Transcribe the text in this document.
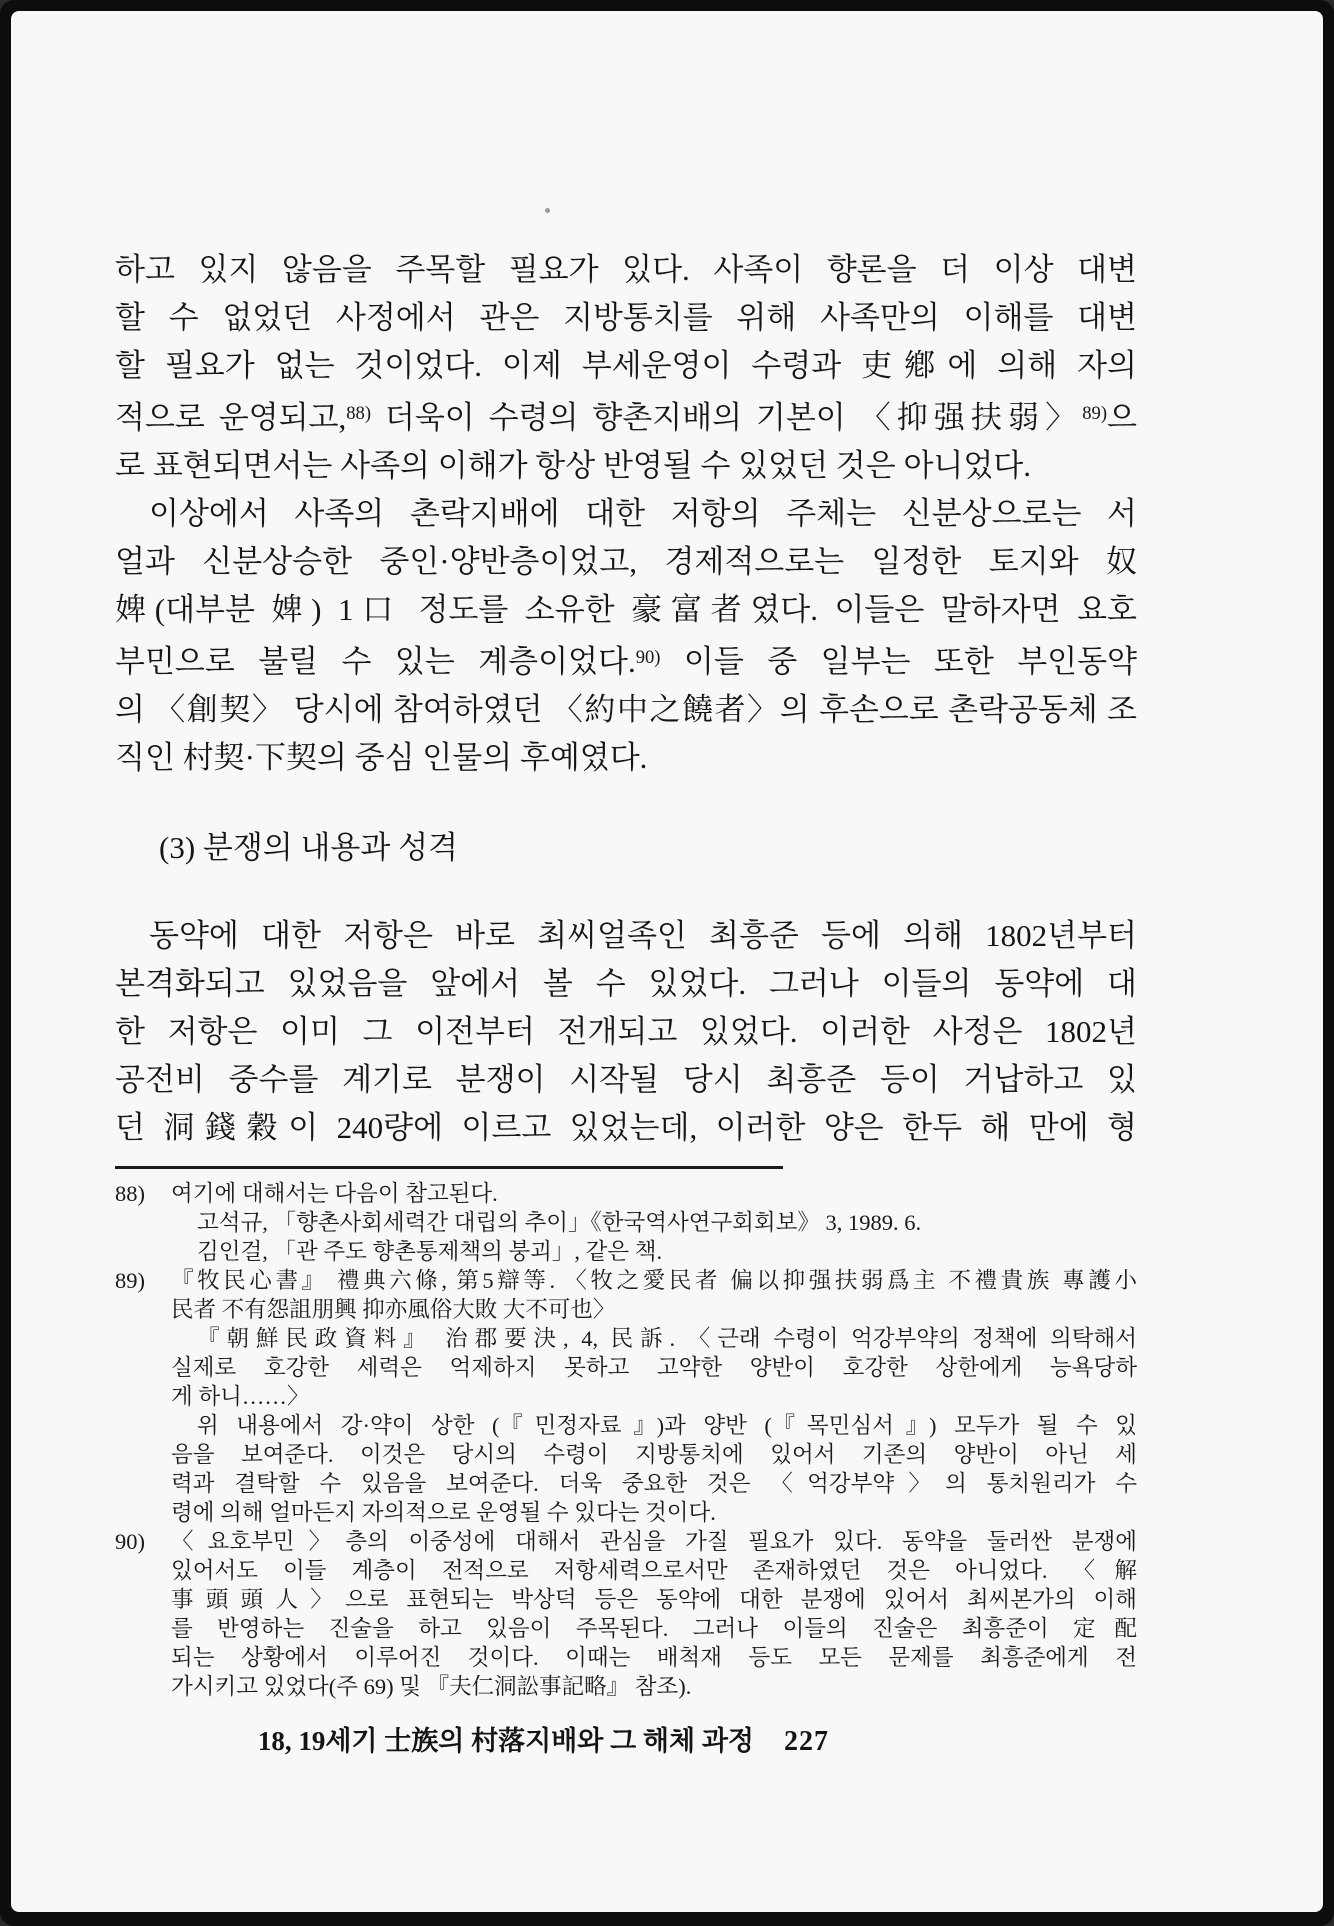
하고 있지 않음을 주목할 필요가 있다. 사족이 향론을 더 이상 대변
할 수 없었던 사정에서 관은 지방통치를 위해 사족만의 이해를 대변
할 필요가 없는 것이었다. 이제 부세운영이 수령과 吏鄕에 의해 자의
적으로 운영되고,$^{88)}$ 더욱이 수령의 향촌지배의 기본이 〈抑强扶弱〉$^{89)}$으
로 표현되면서는 사족의 이해가 항상 반영될 수 있었던 것은 아니었다.
이상에서 사족의 촌락지배에 대한 저항의 주체는 신분상으로는 서
얼과 신분상승한 중인·양반층이었고, 경제적으로는 일정한 토지와 奴
婢(대부분 婢) 1口 정도를 소유한 豪富者였다. 이들은 말하자면 요호
부민으로 불릴 수 있는 계층이었다.$^{90)}$ 이들 중 일부는 또한 부인동약
의 〈創契〉 당시에 참여하였던 〈約中之饒者〉의 후손으로 촌락공동체 조
직인 村契·下契의 중심 인물의 후예였다.
(3) 분쟁의 내용과 성격
동약에 대한 저항은 바로 최씨얼족인 최흥준 등에 의해 1802년부터
본격화되고 있었음을 앞에서 볼 수 있었다. 그러나 이들의 동약에 대
한 저항은 이미 그 이전부터 전개되고 있었다. 이러한 사정은 1802년
공전비 중수를 계기로 분쟁이 시작될 당시 최흥준 등이 거납하고 있
던 洞錢穀이 240량에 이르고 있었는데, 이러한 양은 한두 해 만에 형
88)	여기에 대해서는 다음이 참고된다.
고석규, 「향촌사회세력간 대립의 추이」《한국역사연구회회보》 3, 1989. 6.
김인걸, 「관 주도 향촌통제책의 붕괴」, 같은 책.
89)	『牧民心書』 禮典六條, 第5辯等. 〈牧之愛民者 偏以抑强扶弱爲主 不禮貴族 專護小
民者 不有怨詛朋興 抑亦風俗大敗 大不可也〉
『朝鮮民政資料』 治郡要決, 4, 民訴. 〈근래 수령이 억강부약의 정책에 의탁해서
실제로 호강한 세력은 억제하지 못하고 고약한 양반이 호강한 상한에게 능욕당하
게 하니……〉
위 내용에서 강·약이 상한 (『민정자료』)과 양반 (『목민심서』) 모두가 될 수 있
음을 보여준다. 이것은 당시의 수령이 지방통치에 있어서 기존의 양반이 아닌 세
력과 결탁할 수 있음을 보여준다. 더욱 중요한 것은 〈억강부약〉의 통치원리가 수
령에 의해 얼마든지 자의적으로 운영될 수 있다는 것이다.
90)	〈요호부민〉층의 이중성에 대해서 관심을 가질 필요가 있다. 동약을 둘러싼 분쟁에
있어서도 이들 계층이 전적으로 저항세력으로서만 존재하였던 것은 아니었다. 〈解
事頭頭人〉으로 표현되는 박상덕 등은 동약에 대한 분쟁에 있어서 최씨본가의 이해
를 반영하는 진술을 하고 있음이 주목된다. 그러나 이들의 진술은 최흥준이 定配
되는 상황에서 이루어진 것이다. 이때는 배척재 등도 모든 문제를 최흥준에게 전
가시키고 있었다(주 69) 및 『夫仁洞訟事記略』 참조).
18, 19세기 士族의 村落지배와 그 해체 과정 227
